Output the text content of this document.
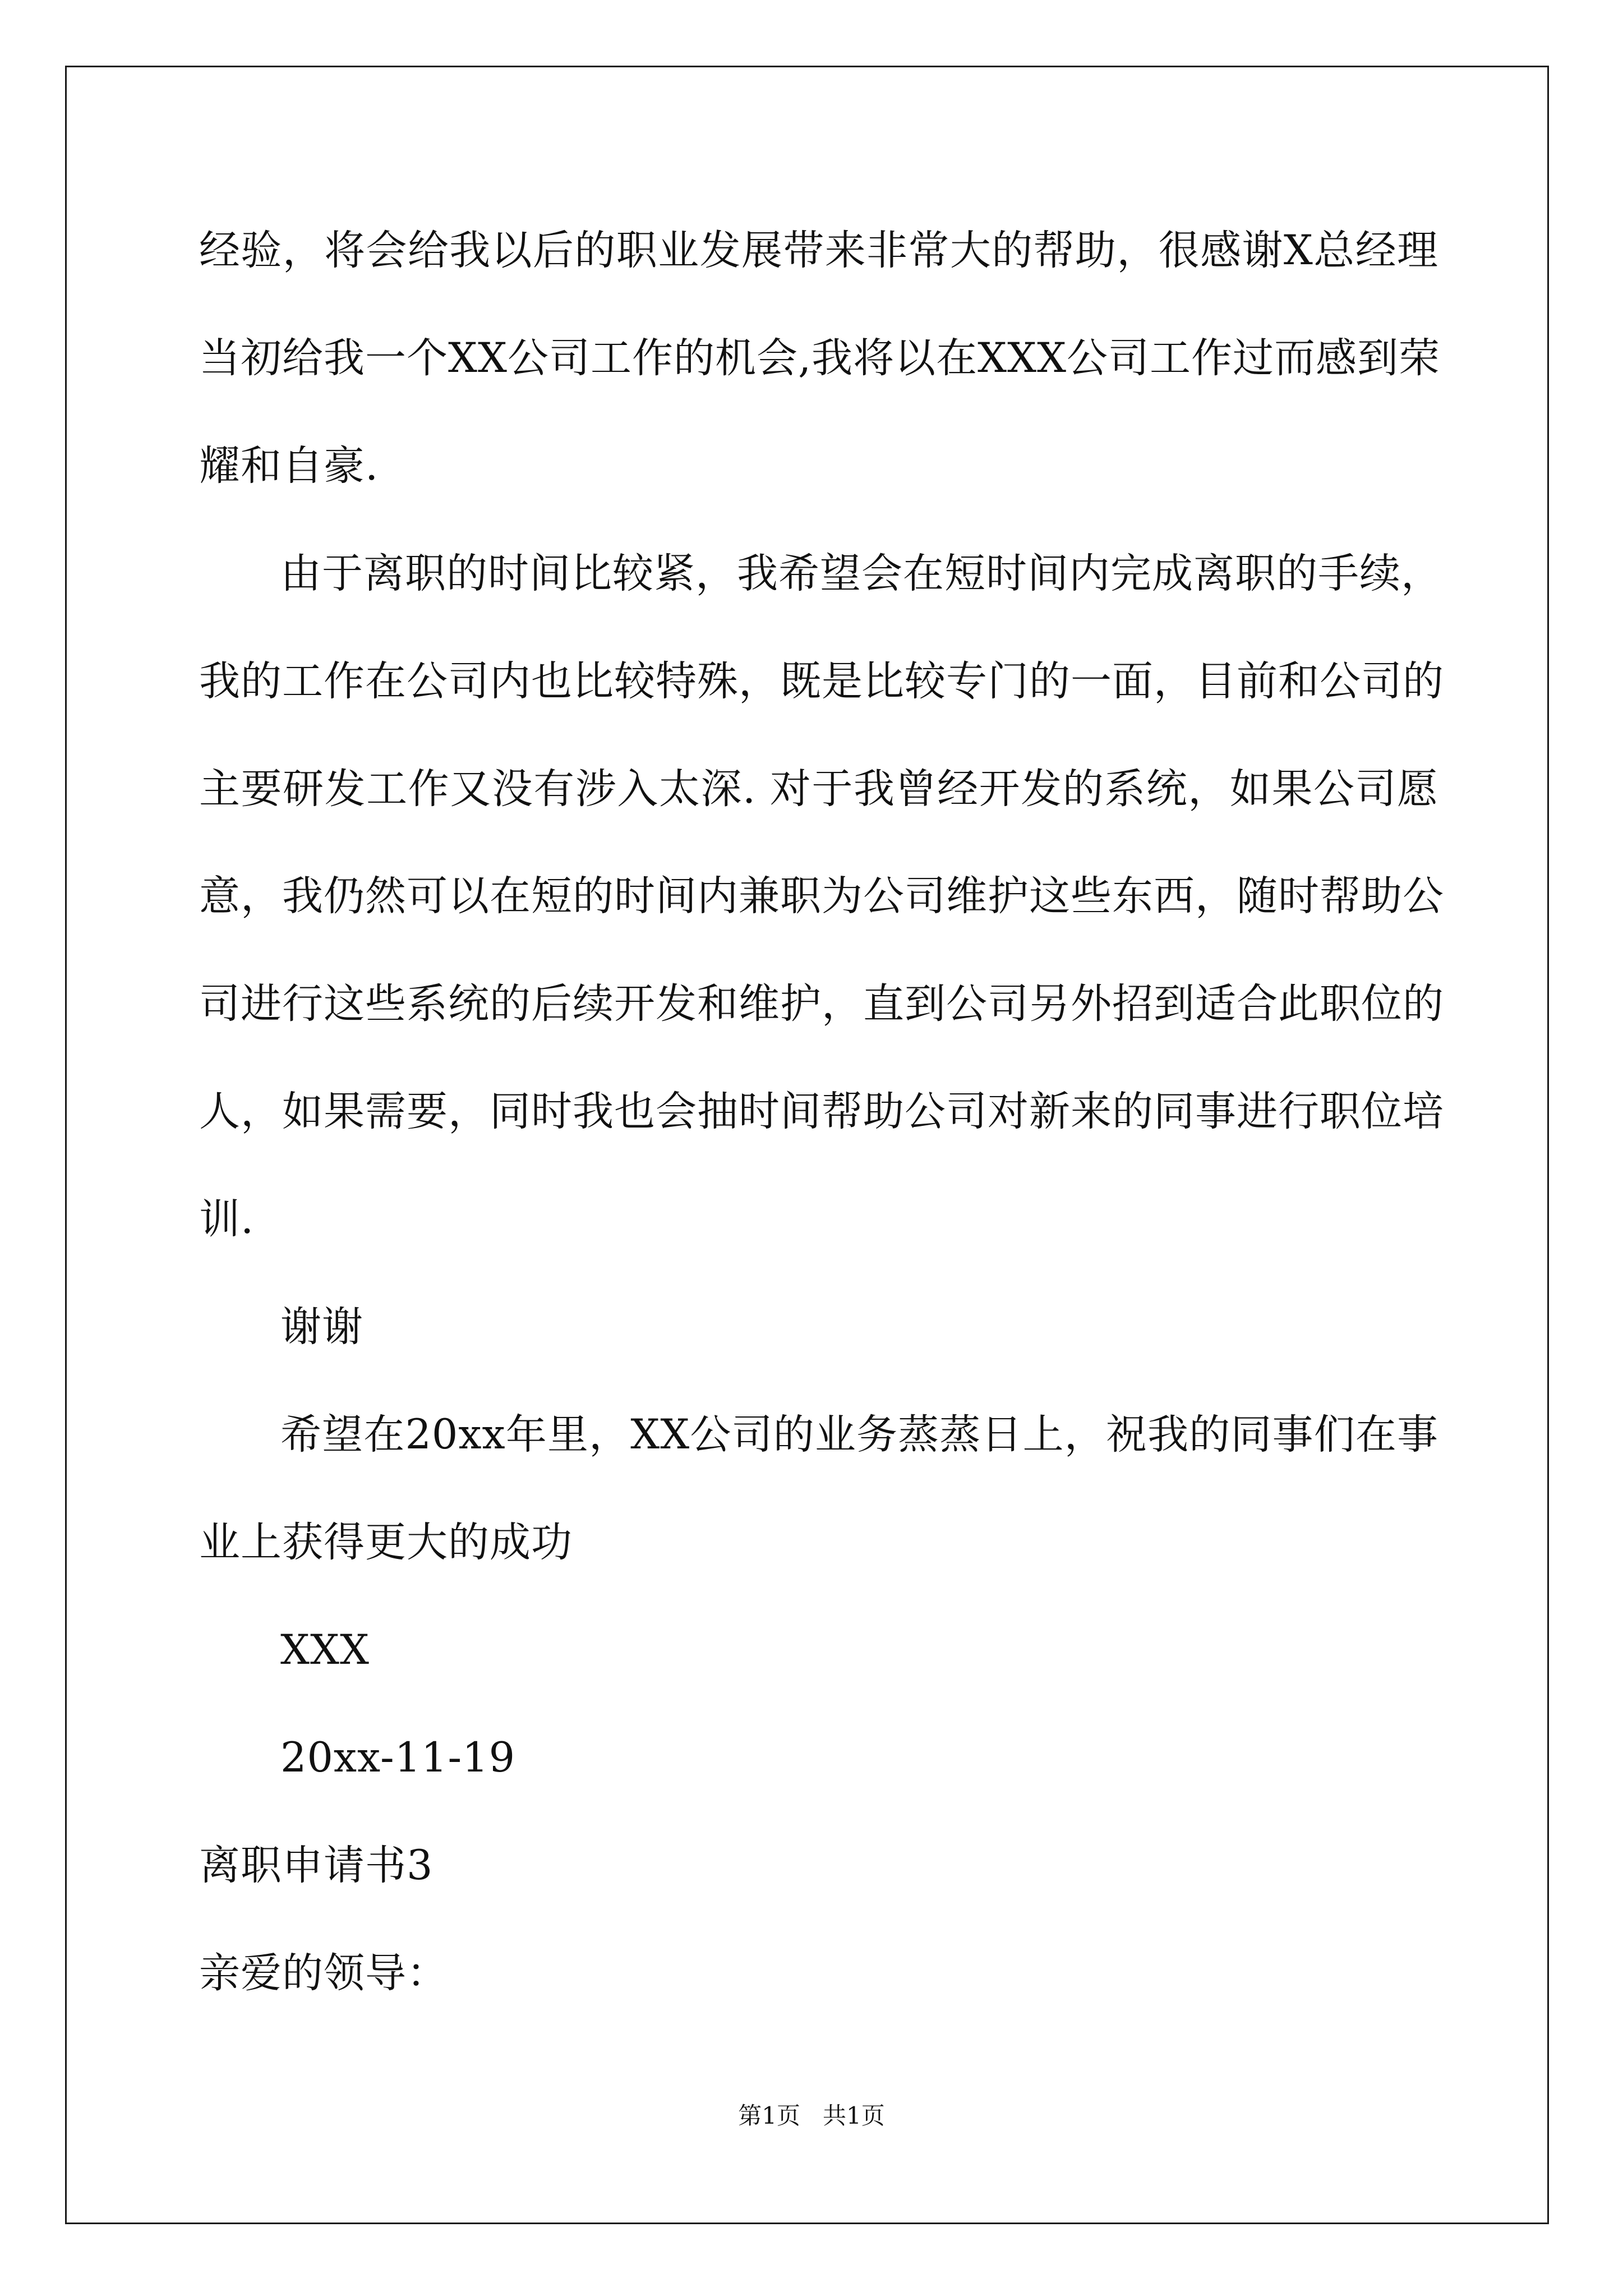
经验，将会给我以后的职业发展带来非常大的帮助，很感谢X总经理
当初给我一个XX公司工作的机会,我将以在XXX公司工作过而感到荣
耀和自豪.
由于离职的时间比较紧，我希望会在短时间内完成离职的手续，
我的工作在公司内也比较特殊，既是比较专门的一面，目前和公司的
主要研发工作又没有涉入太深. 对于我曾经开发的系统，如果公司愿
意，我仍然可以在短的时间内兼职为公司维护这些东西，随时帮助公
司进行这些系统的后续开发和维护，直到公司另外招到适合此职位的
人，如果需要，同时我也会抽时间帮助公司对新来的同事进行职位培
训.
谢谢
希望在20xx年里，XX公司的业务蒸蒸日上，祝我的同事们在事
业上获得更大的成功
XXX
20xx-11-19
离职申请书3
亲爱的领导：
第1页   共1页
